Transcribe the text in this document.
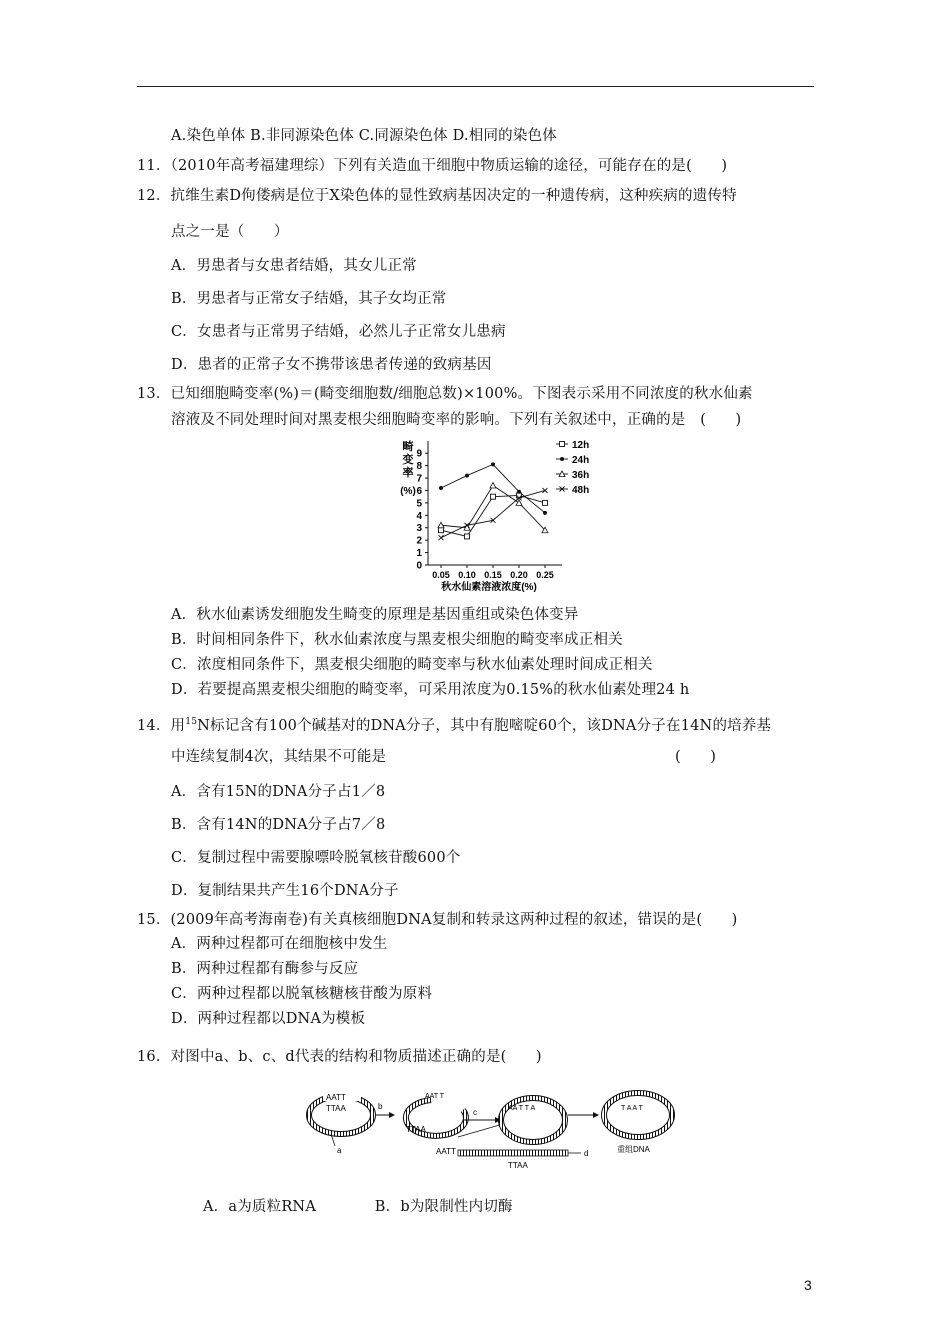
A.染色单体 B.非同源染色体 C.同源染色体 D.相同的染色体
11．（2010年高考福建理综）下列有关造血干细胞中物质运输的途径，可能存在的是(　　)
12．抗维生素D佝偻病是位于X染色体的显性致病基因决定的一种遗传病，这种疾病的遗传特
点之一是（　　）
A．男患者与女患者结婚，其女儿正常
B．男患者与正常女子结婚，其子女均正常
C．女患者与正常男子结婚，必然儿子正常女儿患病
D．患者的正常子女不携带该患者传递的致病基因
13．已知细胞畸变率(%)＝(畸变细胞数/细胞总数)×100%。下图表示采用不同浓度的秋水仙素
溶液及不同处理时间对黑麦根尖细胞畸变率的影响。下列有关叙述中，正确的是　(　　)
0
1
2
3
4
5
6
7
8
9
0.05 0.10 0.15 0.20 0.25
畸
变
率
(%)
秋水仙素溶液浓度(%)
12h
24h
36h
48h
A．秋水仙素诱发细胞发生畸变的原理是基因重组或染色体变异
B．时间相同条件下，秋水仙素浓度与黑麦根尖细胞的畸变率成正相关
C．浓度相同条件下，黑麦根尖细胞的畸变率与秋水仙素处理时间成正相关
D．若要提高黑麦根尖细胞的畸变率，可采用浓度为0.15%的秋水仙素处理24 h
14．用$^{15}$N标记含有100个碱基对的DNA分子，其中有胞嘧啶60个，该DNA分子在14N的培养基
中连续复制4次，其结果不可能是	(　　)
A．含有15N的DNA分子占1／8
B．含有14N的DNA分子占7／8
C．复制过程中需要腺嘌呤脱氧核苷酸600个
D．复制结果共产生16个DNA分子
15．(2009年高考海南卷)有关真核细胞DNA复制和转录这两种过程的叙述，错误的是(　　)
A．两种过程都可在细胞核中发生
B．两种过程都有酶参与反应
C．两种过程都以脱氧核糖核苷酸为原料
D．两种过程都以DNA为模板
16．对图中a、b、c、d代表的结构和物质描述正确的是(　　)
AATT
TTAA
a
b
TTAA
AAT T
c
AATT
TTAA
d
AA T T A	T A A T
重组DNA
A．a为质粒RNA　　　　B．b为限制性内切酶
3
